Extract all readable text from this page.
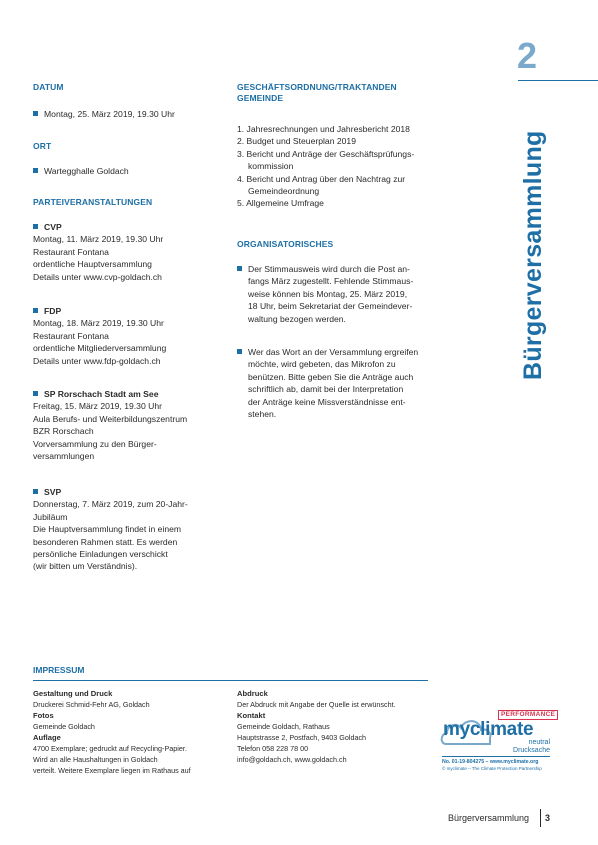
2
Bürgerversammlung
DATUM
Montag, 25. März 2019, 19.30 Uhr
ORT
Wartegghalle Goldach
PARTEIVERANSTALTUNGEN
CVP
Montag, 11. März 2019, 19.30 Uhr
Restaurant Fontana
ordentliche Hauptversammlung
Details unter www.cvp-goldach.ch
FDP
Montag, 18. März 2019, 19.30 Uhr
Restaurant Fontana
ordentliche Mitgliederversammlung
Details unter www.fdp-goldach.ch
SP Rorschach Stadt am See
Freitag, 15. März 2019, 19.30 Uhr
Aula Berufs- und Weiterbildungszentrum
BZR Rorschach
Vorversammlung zu den Bürger-
versammlungen
SVP
Donnerstag, 7. März 2019, zum 20-Jahr-
Jubiläum
Die Hauptversammlung findet in einem
besonderen Rahmen statt. Es werden
persönliche Einladungen verschickt
(wir bitten um Verständnis).
GESCHÄFTSORDNUNG/TRAKTANDEN
GEMEINDE
1. Jahresrechnungen und Jahresbericht 2018
2. Budget und Steuerplan 2019
3. Bericht und Anträge der Geschäftsprüfungs-
kommission
4. Bericht und Antrag über den Nachtrag zur
Gemeindeordnung
5. Allgemeine Umfrage
ORGANISATORISCHES
Der Stimmausweis wird durch die Post an-
fangs März zugestellt. Fehlende Stimmaus-
weise können bis Montag, 25. März 2019,
18 Uhr, beim Sekretariat der Gemeindever-
waltung bezogen werden.
Wer das Wort an der Versammlung ergreifen
möchte, wird gebeten, das Mikrofon zu
benützen. Bitte geben Sie die Anträge auch
schriftlich ab, damit bei der Interpretation
der Anträge keine Missverständnisse ent-
stehen.
IMPRESSUM
Gestaltung und Druck
Druckerei Schmid-Fehr AG, Goldach
Fotos
Gemeinde Goldach
Auflage
4700 Exemplare; gedruckt auf Recycling-Papier.
Wird an alle Haushaltungen in Goldach
verteilt. Weitere Exemplare liegen im Rathaus auf
Abdruck
Der Abdruck mit Angabe der Quelle ist erwünscht.
Kontakt
Gemeinde Goldach, Rathaus
Hauptstrasse 2, Postfach, 9403 Goldach
Telefon 058 228 78 00
info@goldach.ch, www.goldach.ch
PERFORMANCE
myclimate
neutral
Drucksache
No. 01-19-804275 – www.myclimate.org
© myclimate – The Climate Protection Partnership
Bürgerversammlung 3
